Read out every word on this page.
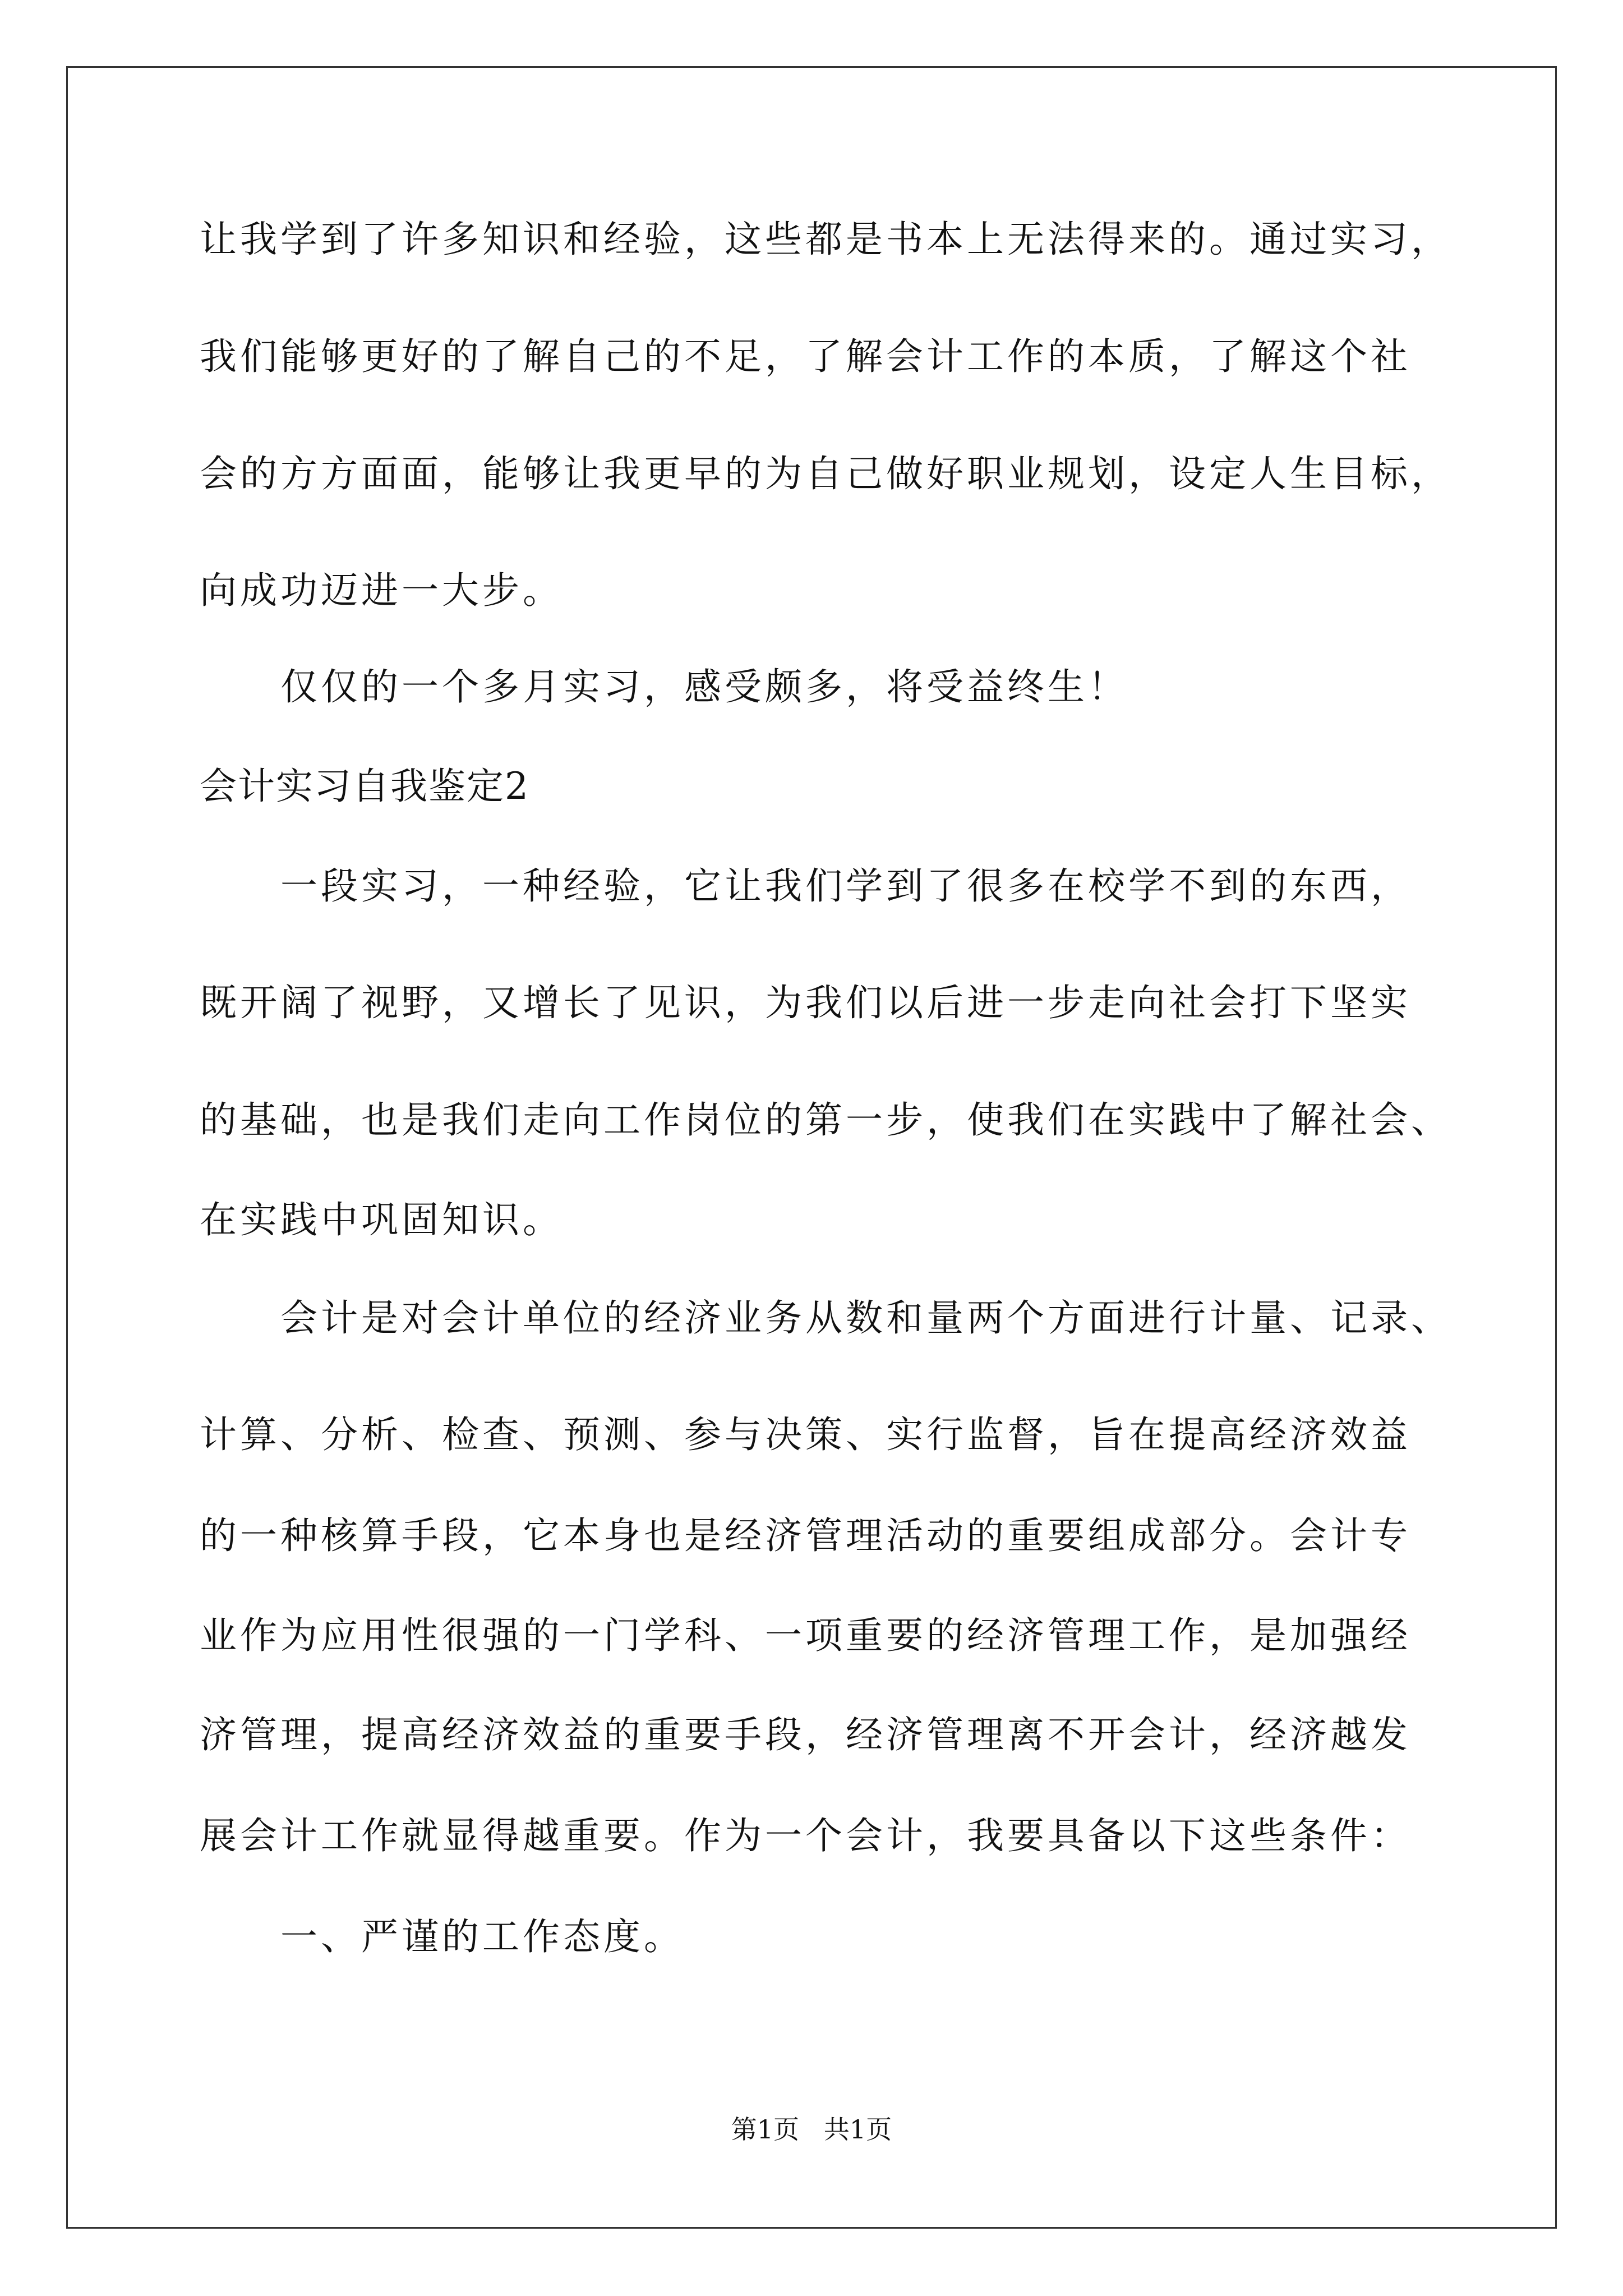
让我学到了许多知识和经验，这些都是书本上无法得来的。通过实习，
我们能够更好的了解自己的不足，了解会计工作的本质，了解这个社
会的方方面面，能够让我更早的为自己做好职业规划，设定人生目标，
向成功迈进一大步。
仅仅的一个多月实习，感受颇多，将受益终生！
会计实习自我鉴定2
一段实习，一种经验，它让我们学到了很多在校学不到的东西，
既开阔了视野，又增长了见识，为我们以后进一步走向社会打下坚实
的基础，也是我们走向工作岗位的第一步，使我们在实践中了解社会、
在实践中巩固知识。
会计是对会计单位的经济业务从数和量两个方面进行计量、记录、
计算、分析、检查、预测、参与决策、实行监督，旨在提高经济效益
的一种核算手段，它本身也是经济管理活动的重要组成部分。会计专
业作为应用性很强的一门学科、一项重要的经济管理工作，是加强经
济管理，提高经济效益的重要手段，经济管理离不开会计，经济越发
展会计工作就显得越重要。作为一个会计，我要具备以下这些条件：
一、严谨的工作态度。
第1页   共1页
